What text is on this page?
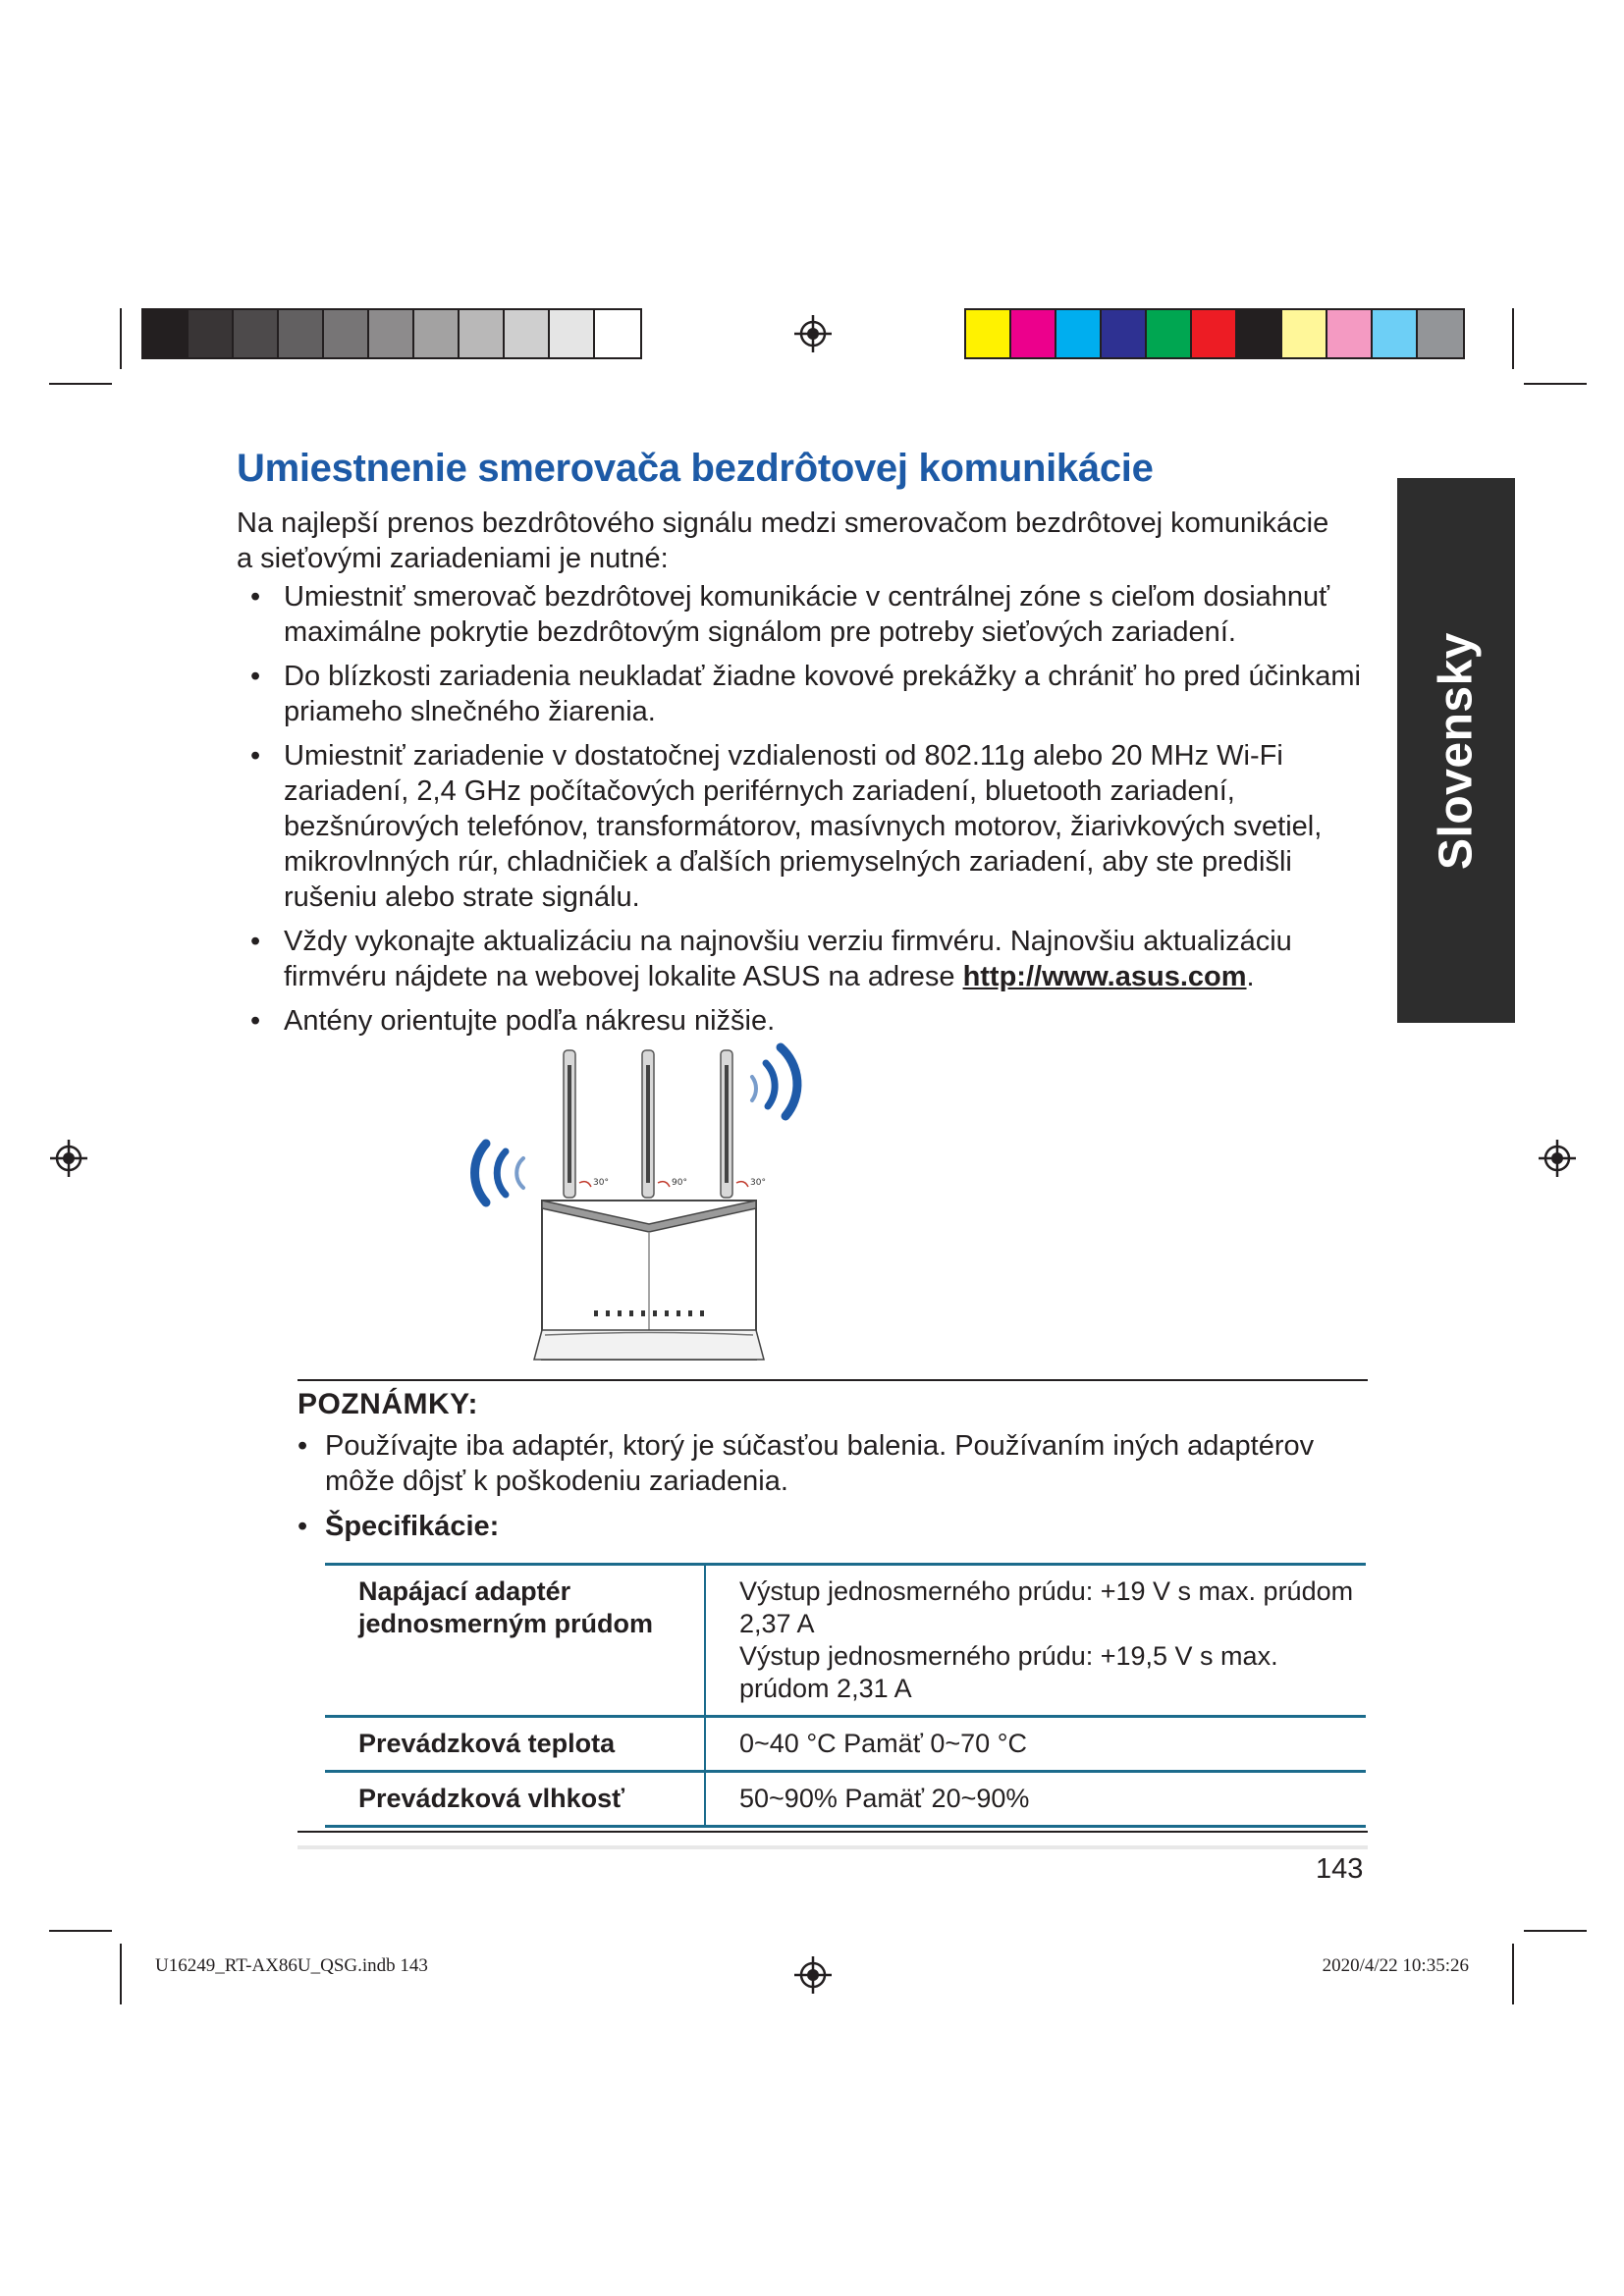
Umiestnenie smerovača bezdrôtovej komunikácie
Na najlepší prenos bezdrôtového signálu medzi smerovačom bezdrôtovej komunikácie a sieťovými zariadeniami je nutné:
• Umiestniť smerovač bezdrôtovej komunikácie v centrálnej zóne s cieľom dosiahnuť maximálne pokrytie bezdrôtovým signálom pre potreby sieťových zariadení.
• Do blízkosti zariadenia neukladať žiadne kovové prekážky a chrániť ho pred účinkami priameho slnečného žiarenia.
• Umiestniť zariadenie v dostatočnej vzdialenosti od 802.11g alebo 20 MHz Wi-Fi zariadení, 2,4 GHz počítačových periférnych zariadení, bluetooth zariadení, bezšnúrových telefónov, transformátorov, masívnych motorov, žiarivkových svetiel, mikrovlnných rúr, chladničiek a ďalších priemyselných zariadení, aby ste predišli rušeniu alebo strate signálu.
• Vždy vykonajte aktualizáciu na najnovšiu verziu firmvéru. Najnovšiu aktualizáciu firmvéru nájdete na webovej lokalite ASUS na adrese http://www.asus.com.
• Antény orientujte podľa nákresu nižšie.
Slovensky
30°	90°	30°
POZNÁMKY:
• Používajte iba adaptér, ktorý je súčasťou balenia. Používaním iných adaptérov môže dôjsť k poškodeniu zariadenia.
• Špecifikácie:
Napájací adaptér jednosmerným prúdom	Výstup jednosmerného prúdu: +19 V s max. prúdom 2,37 A
Výstup jednosmerného prúdu: +19,5 V s max. prúdom 2,31 A

Prevádzková teplota	0~40 °C Pamäť 0~70 °C
Prevádzková vlhkosť	50~90% Pamäť 20~90%
143
U16249_RT-AX86U_QSG.indb 143	2020/4/22 10:35:26
